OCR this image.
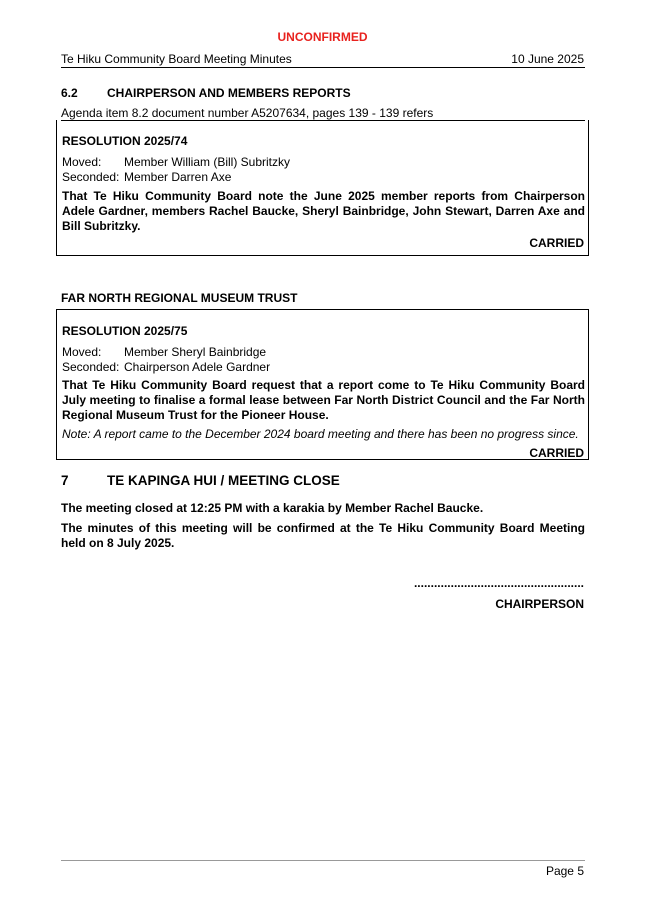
UNCONFIRMED
Te Hiku Community Board Meeting Minutes	10 June 2025
6.2 CHAIRPERSON AND MEMBERS REPORTS
Agenda item 8.2 document number A5207634, pages 139 - 139 refers
RESOLUTION 2025/74
Moved: Member William (Bill) Subritzky
Seconded: Member Darren Axe
That Te Hiku Community Board note the June 2025 member reports from Chairperson Adele Gardner, members Rachel Baucke, Sheryl Bainbridge, John Stewart, Darren Axe and Bill Subritzky.
CARRIED
FAR NORTH REGIONAL MUSEUM TRUST
RESOLUTION 2025/75
Moved: Member Sheryl Bainbridge
Seconded: Chairperson Adele Gardner
That Te Hiku Community Board request that a report come to Te Hiku Community Board July meeting to finalise a formal lease between Far North District Council and the Far North Regional Museum Trust for the Pioneer House.
Note: A report came to the December 2024 board meeting and there has been no progress since.
CARRIED
7	TE KAPINGA HUI / MEETING CLOSE
The meeting closed at 12:25 PM with a karakia by Member Rachel Baucke.
The minutes of this meeting will be confirmed at the Te Hiku Community Board Meeting held on 8 July 2025.
...................................................
CHAIRPERSON
Page 5
